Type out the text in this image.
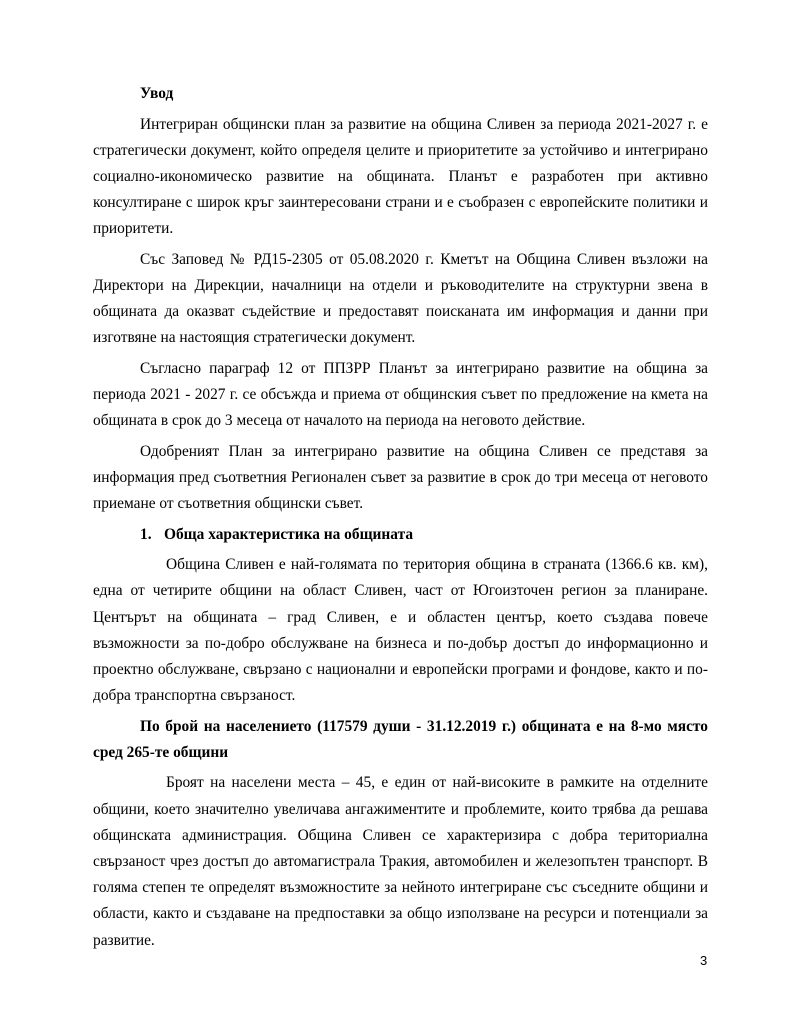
Увод

Интегриран общински план за развитие на община Сливен за периода 2021-2027 г. е стратегически документ, който определя целите и приоритетите за устойчиво и интегрирано социално-икономическо развитие на общината. Планът е разработен при активно консултиране с широк кръг заинтересовани страни и е съобразен с европейските политики и приоритети.

Със Заповед № РД15-2305 от 05.08.2020 г. Кметът на Община Сливен възложи на Директори на Дирекции, началници на отдели и ръководителите на структурни звена в общината да оказват съдействие и предоставят поисканата им информация и данни при изготвяне на настоящия стратегически документ.

Съгласно параграф 12 от ППЗРР Планът за интегрирано развитие на община за периода 2021 - 2027 г. се обсъжда и приема от общинския съвет по предложение на кмета на общината в срок до 3 месеца от началото на периода на неговото действие.

Одобреният План за интегрирано развитие на община Сливен се представя за информация пред съответния Регионален съвет за развитие в срок до три месеца от неговото приемане от съответния общински съвет.

1. Обща характеристика на общината

Община Сливен е най-голямата по територия община в страната (1366.6 кв. км), една от четирите общини на област Сливен, част от Югоизточен регион за планиране. Центърът на общината – град Сливен, е и областен център, което създава повече възможности за по-добро обслужване на бизнеса и по-добър достъп до информационно и проектно обслужване, свързано с национални и европейски програми и фондове, както и по-добра транспортна свързаност.

По брой на населението (117579 души - 31.12.2019 г.) общината е на 8-мо място сред 265-те общини

Броят на населени места – 45, е един от най-високите в рамките на отделните общини, което значително увеличава ангажиментите и проблемите, които трябва да решава общинската администрация. Община Сливен се характеризира с добра териториална свързаност чрез достъп до автомагистрала Тракия, автомобилен и железопътен транспорт. В голяма степен те определят възможностите за нейното интегриране със съседните общини и области, както и създаване на предпоставки за общо използване на ресурси и потенциали за развитие.

3
